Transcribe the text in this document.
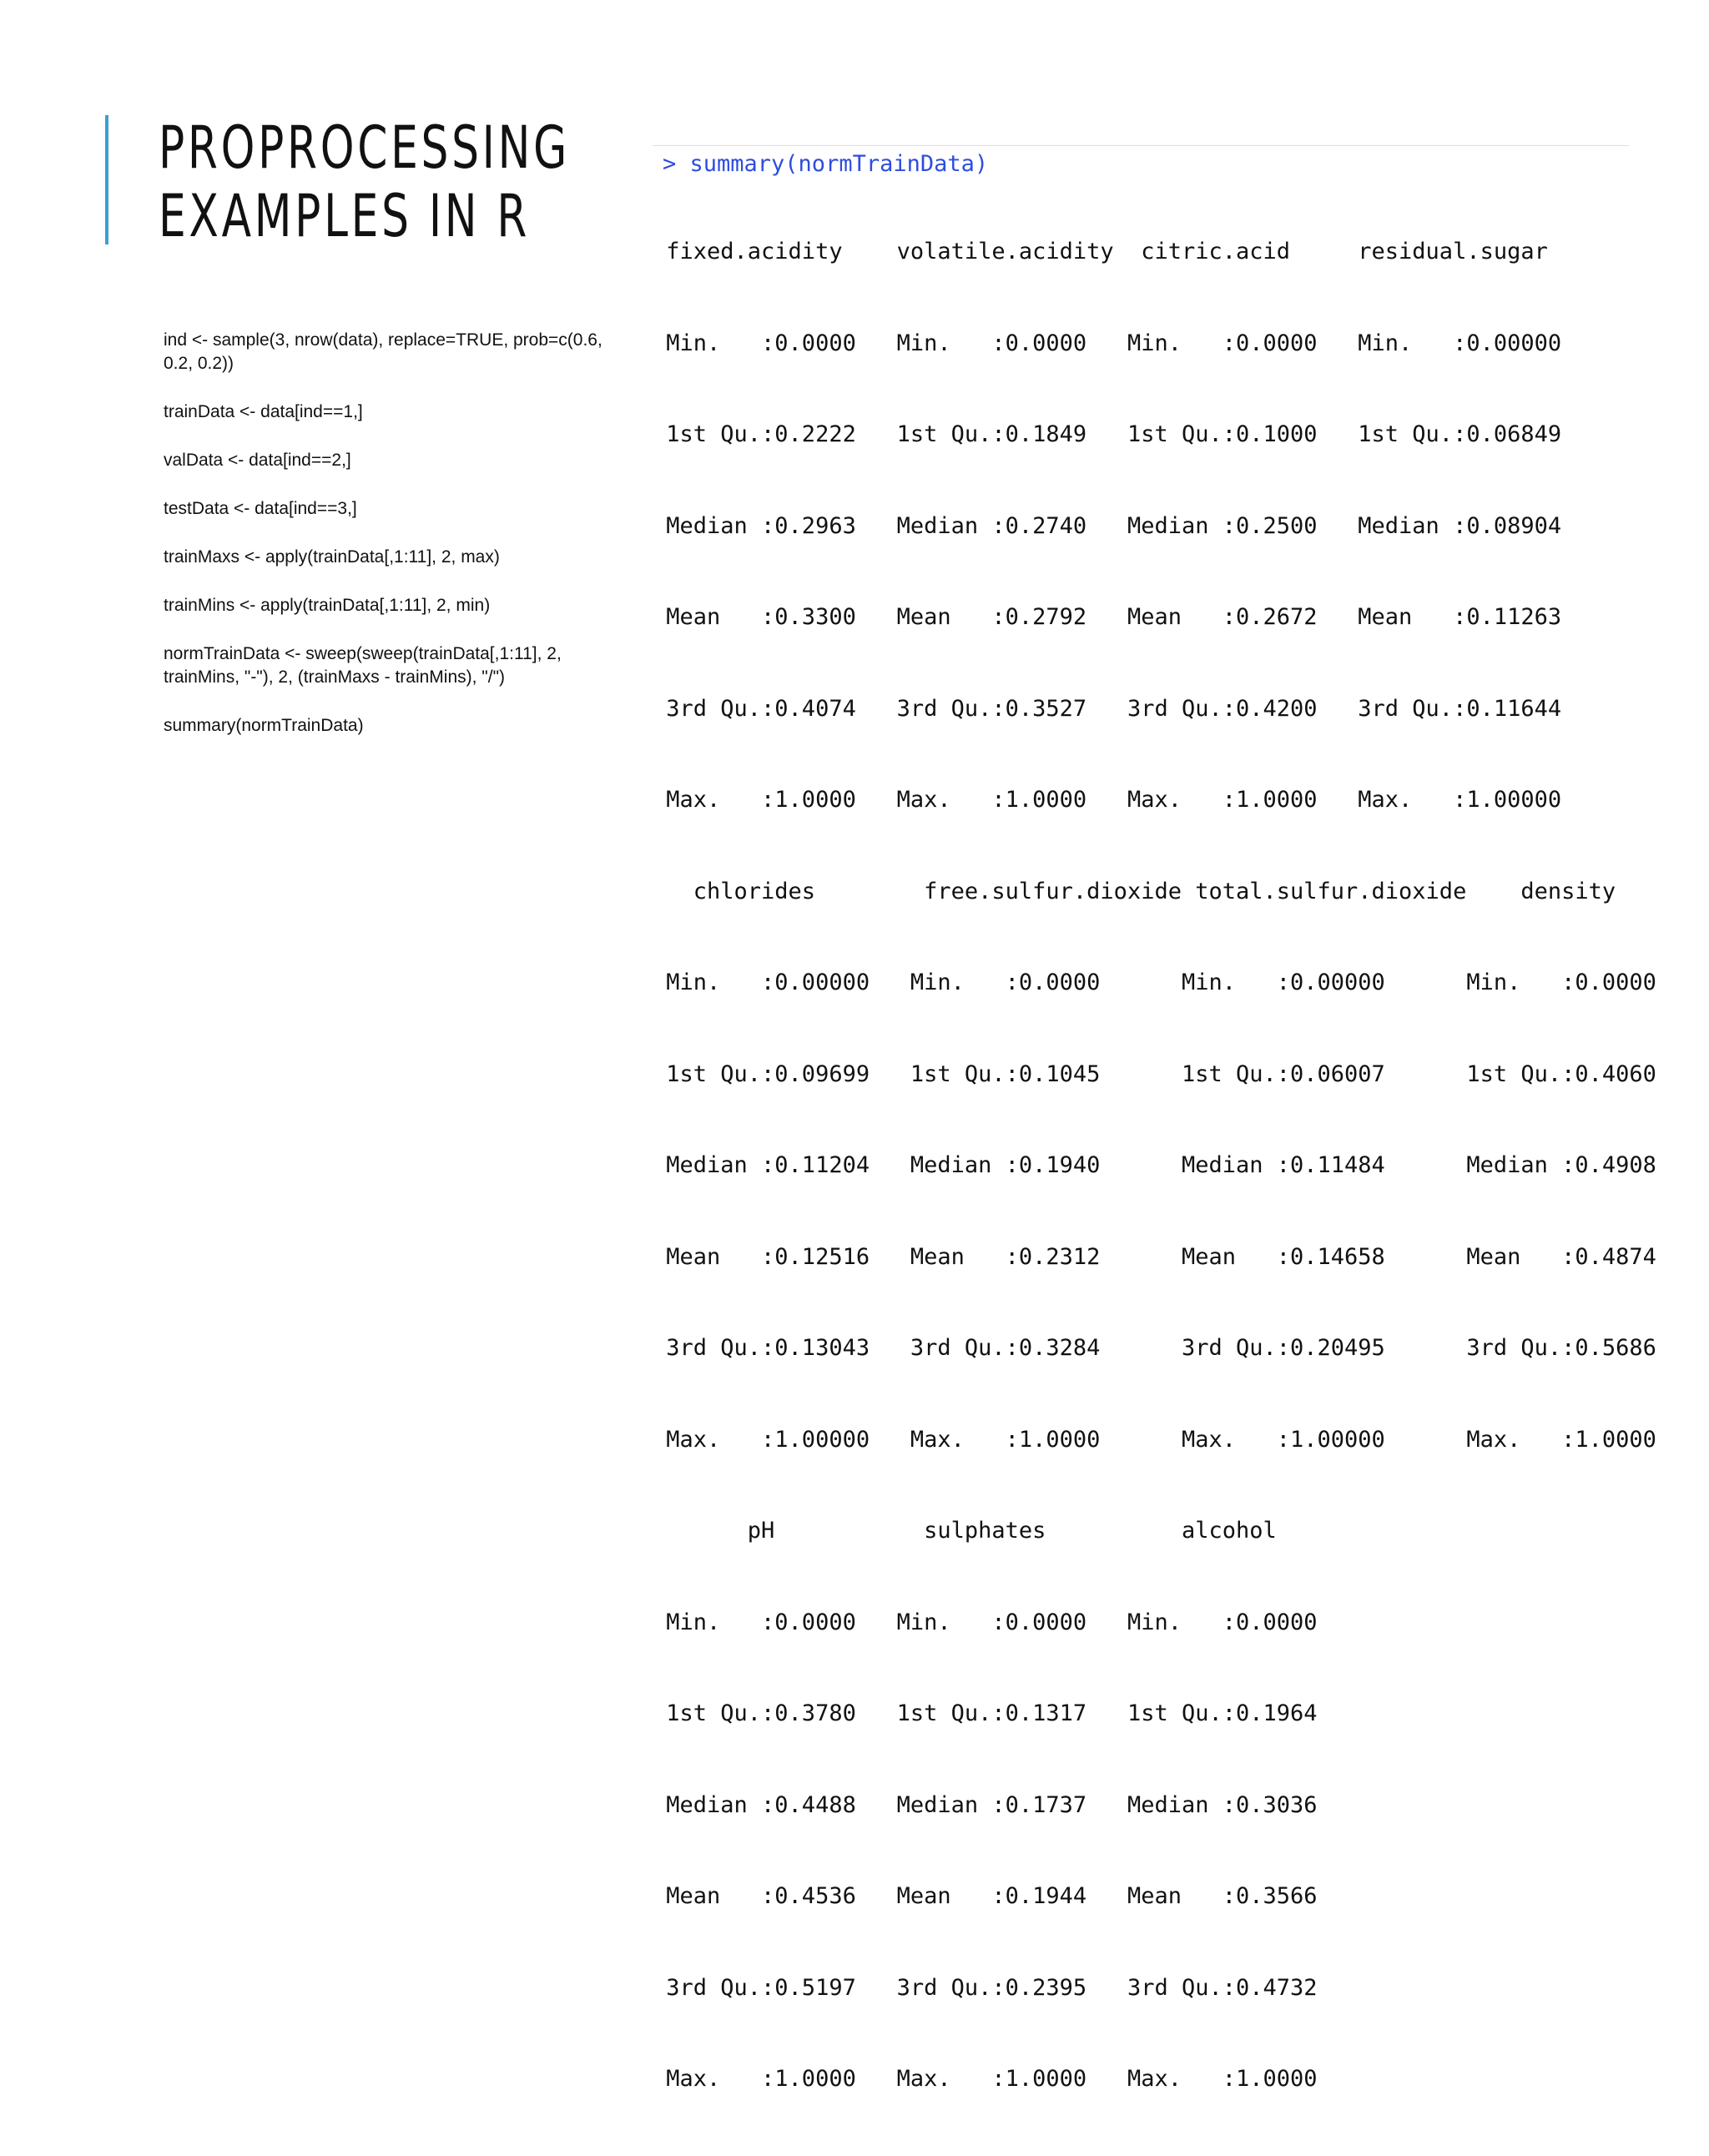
PROPROCESSING
EXAMPLES IN R
ind <- sample(3, nrow(data), replace=TRUE, prob=c(0.6, 0.2, 0.2))
trainData <- data[ind==1,]
valData <- data[ind==2,]
testData <- data[ind==3,]
trainMaxs <- apply(trainData[,1:11], 2, max)
trainMins <- apply(trainData[,1:11], 2, min)
normTrainData <- sweep(sweep(trainData[,1:11], 2, trainMins, "-"), 2, (trainMaxs - trainMins), "/")
summary(normTrainData)
> summary(normTrainData)

fixed.acidity    volatile.acidity  citric.acid     residual.sugar

Min.   :0.0000   Min.   :0.0000   Min.   :0.0000   Min.   :0.00000

1st Qu.:0.2222   1st Qu.:0.1849   1st Qu.:0.1000   1st Qu.:0.06849

Median :0.2963   Median :0.2740   Median :0.2500   Median :0.08904

Mean   :0.3300   Mean   :0.2792   Mean   :0.2672   Mean   :0.11263

3rd Qu.:0.4074   3rd Qu.:0.3527   3rd Qu.:0.4200   3rd Qu.:0.11644

Max.   :1.0000   Max.   :1.0000   Max.   :1.0000   Max.   :1.00000

chlorides        free.sulfur.dioxide total.sulfur.dioxide    density

Min.   :0.00000   Min.   :0.0000      Min.   :0.00000      Min.   :0.0000

1st Qu.:0.09699   1st Qu.:0.1045      1st Qu.:0.06007      1st Qu.:0.4060

Median :0.11204   Median :0.1940      Median :0.11484      Median :0.4908

Mean   :0.12516   Mean   :0.2312      Mean   :0.14658      Mean   :0.4874

3rd Qu.:0.13043   3rd Qu.:0.3284      3rd Qu.:0.20495      3rd Qu.:0.5686

Max.   :1.00000   Max.   :1.0000      Max.   :1.00000      Max.   :1.0000

pH           sulphates          alcohol

Min.   :0.0000   Min.   :0.0000   Min.   :0.0000

1st Qu.:0.3780   1st Qu.:0.1317   1st Qu.:0.1964

Median :0.4488   Median :0.1737   Median :0.3036

Mean   :0.4536   Mean   :0.1944   Mean   :0.3566

3rd Qu.:0.5197   3rd Qu.:0.2395   3rd Qu.:0.4732

Max.   :1.0000   Max.   :1.0000   Max.   :1.0000
